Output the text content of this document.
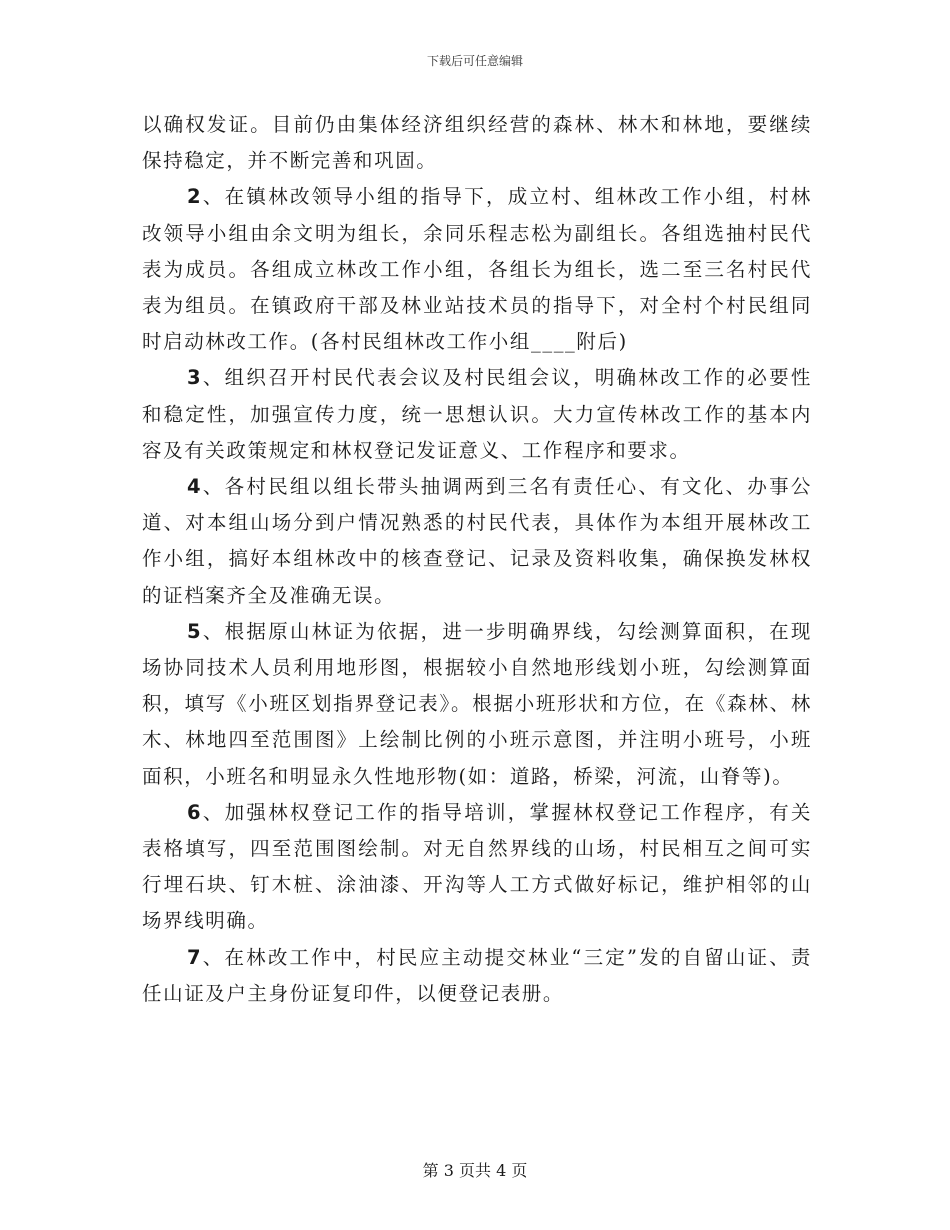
下载后可任意编辑

以确权发证。目前仍由集体经济组织经营的森林、林木和林地，要继续保持稳定，并不断完善和巩固。

2、在镇林改领导小组的指导下，成立村、组林改工作小组，村林改领导小组由余文明为组长，余同乐程志松为副组长。各组选抽村民代表为成员。各组成立林改工作小组，各组长为组长，选二至三名村民代表为组员。在镇政府干部及林业站技术员的指导下，对全村个村民组同时启动林改工作。(各村民组林改工作小组____附后)

3、组织召开村民代表会议及村民组会议，明确林改工作的必要性和稳定性，加强宣传力度，统一思想认识。大力宣传林改工作的基本内容及有关政策规定和林权登记发证意义、工作程序和要求。

4、各村民组以组长带头抽调两到三名有责任心、有文化、办事公道、对本组山场分到户情况熟悉的村民代表，具体作为本组开展林改工作小组，搞好本组林改中的核查登记、记录及资料收集，确保换发林权的证档案齐全及准确无误。

5、根据原山林证为依据，进一步明确界线，勾绘测算面积，在现场协同技术人员利用地形图，根据较小自然地形线划小班，勾绘测算面积，填写《小班区划指界登记表》。根据小班形状和方位，在《森林、林木、林地四至范围图》上绘制比例的小班示意图，并注明小班号，小班面积，小班名和明显永久性地形物(如：道路，桥梁，河流，山脊等)。

6、加强林权登记工作的指导培训，掌握林权登记工作程序，有关表格填写，四至范围图绘制。对无自然界线的山场，村民相互之间可实行埋石块、钉木桩、涂油漆、开沟等人工方式做好标记，维护相邻的山场界线明确。

7、在林改工作中，村民应主动提交林业“三定”发的自留山证、责任山证及户主身份证复印件，以便登记表册。

第 3 页共 4 页
